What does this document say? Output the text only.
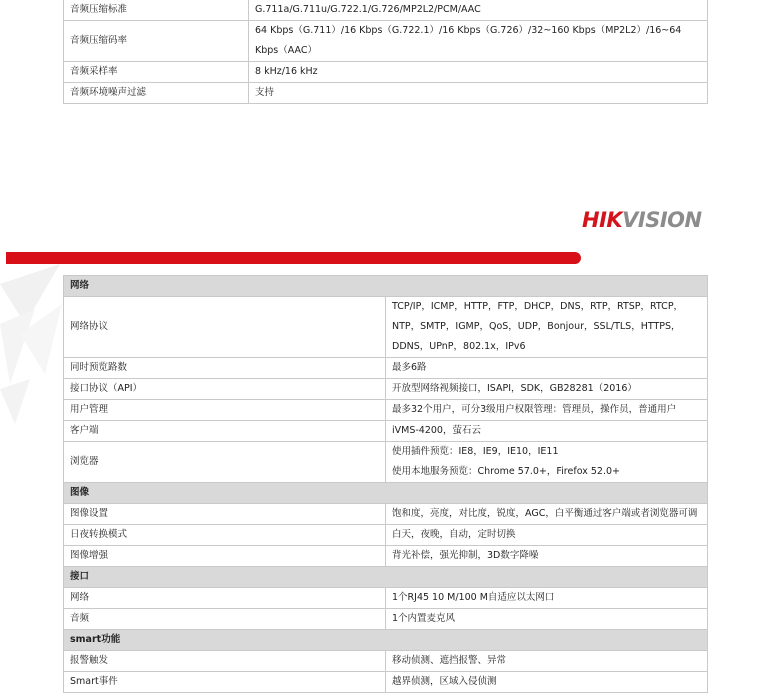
音频压缩标准	G.711a/G.711u/G.722.1/G.726/MP2L2/PCM/AAC

音频压缩码率	64 Kbps（G.711）/16 Kbps（G.722.1）/16 Kbps（G.726）/32~160 Kbps（MP2L2）/16~64 Kbps（AAC）

音频采样率	8 kHz/16 kHz

音频环境噪声过滤	支持
HIKVISION
网络	
网络协议	TCP/IP，ICMP，HTTP，FTP，DHCP，DNS，RTP，RTSP，RTCP，NTP，SMTP，IGMP，QoS，UDP，Bonjour，SSL/TLS，HTTPS，DDNS，UPnP，802.1x，IPv6

同时预览路数	最多6路

接口协议（API）	开放型网络视频接口，ISAPI，SDK，GB28281（2016）

用户管理	最多32个用户，可分3级用户权限管理：管理员，操作员，普通用户

客户端	iVMS-4200，萤石云

浏览器	使用插件预览：IE8，IE9，IE10，IE11
使用本地服务预览：Chrome 57.0+，Firefox 52.0+

图像	
图像设置	饱和度，亮度，对比度，锐度，AGC，白平衡通过客户端或者浏览器可调

日夜转换模式	白天，夜晚，自动，定时切换

图像增强	背光补偿，强光抑制，3D数字降噪

接口	
网络	1个RJ45 10 M/100 M自适应以太网口

音频	1个内置麦克风

smart功能	
报警触发	移动侦测、遮挡报警、异常

Smart事件	越界侦测，区域入侵侦测
